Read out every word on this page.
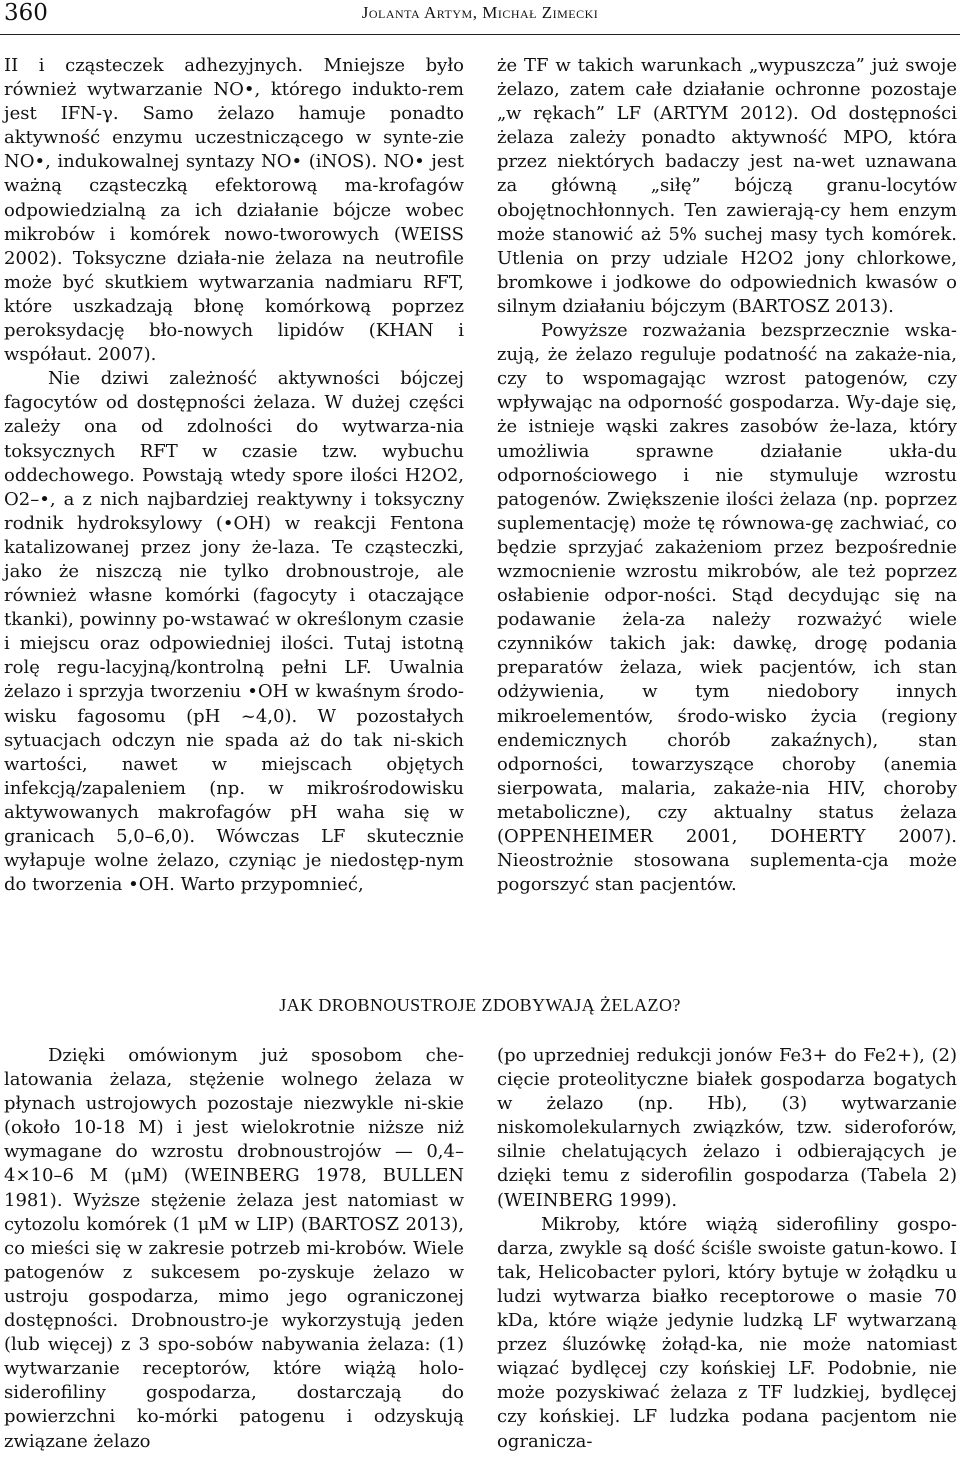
360	Jolanta Artym, Michał Zimecki

II i cząsteczek adhezyjnych. Mniejsze było również wytwarzanie NO•, którego indukto-rem jest IFN-γ. Samo żelazo hamuje ponadto aktywność enzymu uczestniczącego w synte-zie NO•, indukowalnej syntazy NO• (iNOS). NO• jest ważną cząsteczką efektorową ma-krofagów odpowiedzialną za ich działanie bójcze wobec mikrobów i komórek nowo-tworowych (WEISS 2002). Toksyczne działa-nie żelaza na neutrofile może być skutkiem wytwarzania nadmiaru RFT, które uszkadzają błonę komórkową poprzez peroksydację bło-nowych lipidów (KHAN i współaut. 2007).

Nie dziwi zależność aktywności bójczej fagocytów od dostępności żelaza. W dużej części zależy ona od zdolności do wytwarza-nia toksycznych RFT w czasie tzw. wybuchu oddechowego. Powstają wtedy spore ilości H2O2, O2–•, a z nich najbardziej reaktywny i toksyczny rodnik hydroksylowy (•OH) w reakcji Fentona katalizowanej przez jony że-laza. Te cząsteczki, jako że niszczą nie tylko drobnoustroje, ale również własne komórki (fagocyty i otaczające tkanki), powinny po-wstawać w określonym czasie i miejscu oraz odpowiedniej ilości. Tutaj istotną rolę regu-lacyjną/kontrolną pełni LF. Uwalnia żelazo i sprzyja tworzeniu •OH w kwaśnym środo-wisku fagosomu (pH ~4,0). W pozostałych sytuacjach odczyn nie spada aż do tak ni-skich wartości, nawet w miejscach objętych infekcją/zapaleniem (np. w mikrośrodowisku aktywowanych makrofagów pH waha się w granicach 5,0–6,0). Wówczas LF skutecznie wyłapuje wolne żelazo, czyniąc je niedostęp-nym do tworzenia •OH. Warto przypomnieć,

że TF w takich warunkach „wypuszcza” już swoje żelazo, zatem całe działanie ochronne pozostaje „w rękach” LF (ARTYM 2012). Od dostępności żelaza zależy ponadto aktywność MPO, która przez niektórych badaczy jest na-wet uznawana za główną „siłę” bójczą granu-locytów obojętnochłonnych. Ten zawierają-cy hem enzym może stanowić aż 5% suchej masy tych komórek. Utlenia on przy udziale H2O2 jony chlorkowe, bromkowe i jodkowe do odpowiednich kwasów o silnym działaniu bójczym (BARTOSZ 2013).

Powyższe rozważania bezsprzecznie wska-zują, że żelazo reguluje podatność na zakaże-nia, czy to wspomagając wzrost patogenów, czy wpływając na odporność gospodarza. Wy-daje się, że istnieje wąski zakres zasobów że-laza, który umożliwia sprawne działanie ukła-du odpornościowego i nie stymuluje wzrostu patogenów. Zwiększenie ilości żelaza (np. poprzez suplementację) może tę równowa-gę zachwiać, co będzie sprzyjać zakażeniom przez bezpośrednie wzmocnienie wzrostu mikrobów, ale też poprzez osłabienie odpor-ności. Stąd decydując się na podawanie żela-za należy rozważyć wiele czynników takich jak: dawkę, drogę podania preparatów żelaza, wiek pacjentów, ich stan odżywienia, w tym niedobory innych mikroelementów, środo-wisko życia (regiony endemicznych chorób zakaźnych), stan odporności, towarzyszące choroby (anemia sierpowata, malaria, zakaże-nia HIV, choroby metaboliczne), czy aktualny status żelaza (OPPENHEIMER 2001, DOHERTY 2007). Nieostrożnie stosowana suplementa-cja może pogorszyć stan pacjentów.

JAK DROBNOUSTROJE ZDOBYWAJĄ ŻELAZO?

Dzięki omówionym już sposobom che-latowania żelaza, stężenie wolnego żelaza w płynach ustrojowych pozostaje niezwykle ni-skie (około 10-18 M) i jest wielokrotnie niższe niż wymagane do wzrostu drobnoustrojów — 0,4–4×10–6 M (μM) (WEINBERG 1978, BULLEN 1981). Wyższe stężenie żelaza jest natomiast w cytozolu komórek (1 μM w LIP) (BARTOSZ 2013), co mieści się w zakresie potrzeb mi-krobów. Wiele patogenów z sukcesem po-zyskuje żelazo w ustroju gospodarza, mimo jego ograniczonej dostępności. Drobnoustro-je wykorzystują jeden (lub więcej) z 3 spo-sobów nabywania żelaza: (1) wytwarzanie receptorów, które wiążą holo-siderofiliny gospodarza, dostarczają do powierzchni ko-mórki patogenu i odzyskują związane żelazo

(po uprzedniej redukcji jonów Fe3+ do Fe2+), (2) cięcie proteolityczne białek gospodarza bogatych w żelazo (np. Hb), (3) wytwarzanie niskomolekularnych związków, tzw. sideroforów, silnie chelatujących żelazo i odbierających je dzięki temu z siderofilin gospodarza (Tabela 2) (WEINBERG 1999).

Mikroby, które wiążą siderofiliny gospo-darza, zwykle są dość ściśle swoiste gatun-kowo. I tak, Helicobacter pylori, który bytuje w żołądku u ludzi wytwarza białko receptorowe o masie 70 kDa, które wiąże jedynie ludzką LF wytwarzaną przez śluzówkę żołąd-ka, nie może natomiast wiązać bydlęcej czy końskiej LF. Podobnie, nie może pozyskiwać żelaza z TF ludzkiej, bydlęcej czy końskiej. LF ludzka podana pacjentom nie ogranicza-
